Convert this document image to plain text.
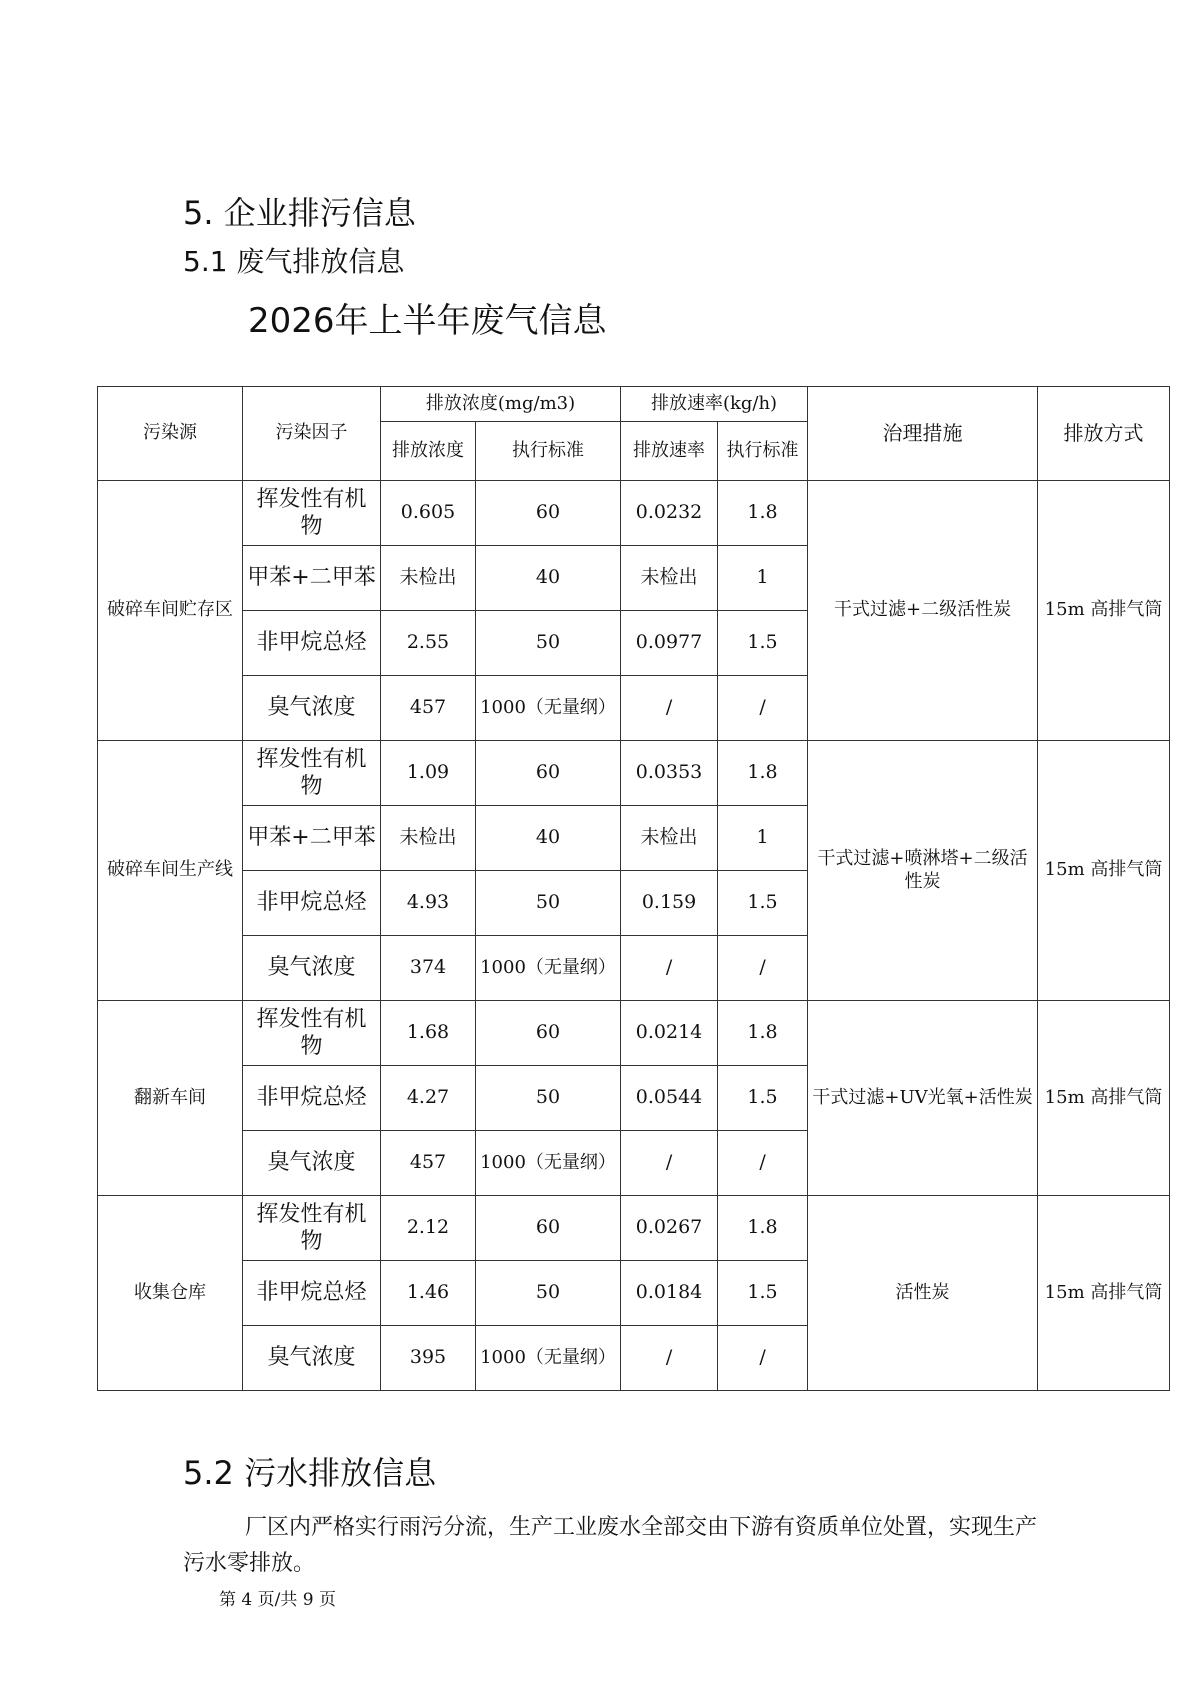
5. 企业排污信息
5.1 废气排放信息
2026年上半年废气信息
污染源	污染因子	排放浓度(mg/m3)		排放速率(kg/h)		治理措施	排放方式
		排放浓度	执行标准	排放速率	执行标准		
破碎车间贮存区	挥发性有机物	0.605	60	0.0232	1.8	干式过滤+二级活性炭	15m 高排气筒
	甲苯+二甲苯	未检出	40	未检出	1		
	非甲烷总烃	2.55	50	0.0977	1.5		
	臭气浓度	457	1000（无量纲）	/	/		
破碎车间生产线	挥发性有机物	1.09	60	0.0353	1.8	干式过滤+喷淋塔+二级活性炭	15m 高排气筒
	甲苯+二甲苯	未检出	40	未检出	1		
	非甲烷总烃	4.93	50	0.159	1.5		
	臭气浓度	374	1000（无量纲）	/	/		
翻新车间	挥发性有机物	1.68	60	0.0214	1.8	干式过滤+UV光氧+活性炭	15m 高排气筒
	非甲烷总烃	4.27	50	0.0544	1.5		
	臭气浓度	457	1000（无量纲）	/	/		
收集仓库	挥发性有机物	2.12	60	0.0267	1.8	活性炭	15m 高排气筒
	非甲烷总烃	1.46	50	0.0184	1.5		
	臭气浓度	395	1000（无量纲）	/	/		
5.2 污水排放信息

厂区内严格实行雨污分流，生产工业废水全部交由下游有资质单位处置，实现生产污水零排放。

第 4 页/共 9 页
